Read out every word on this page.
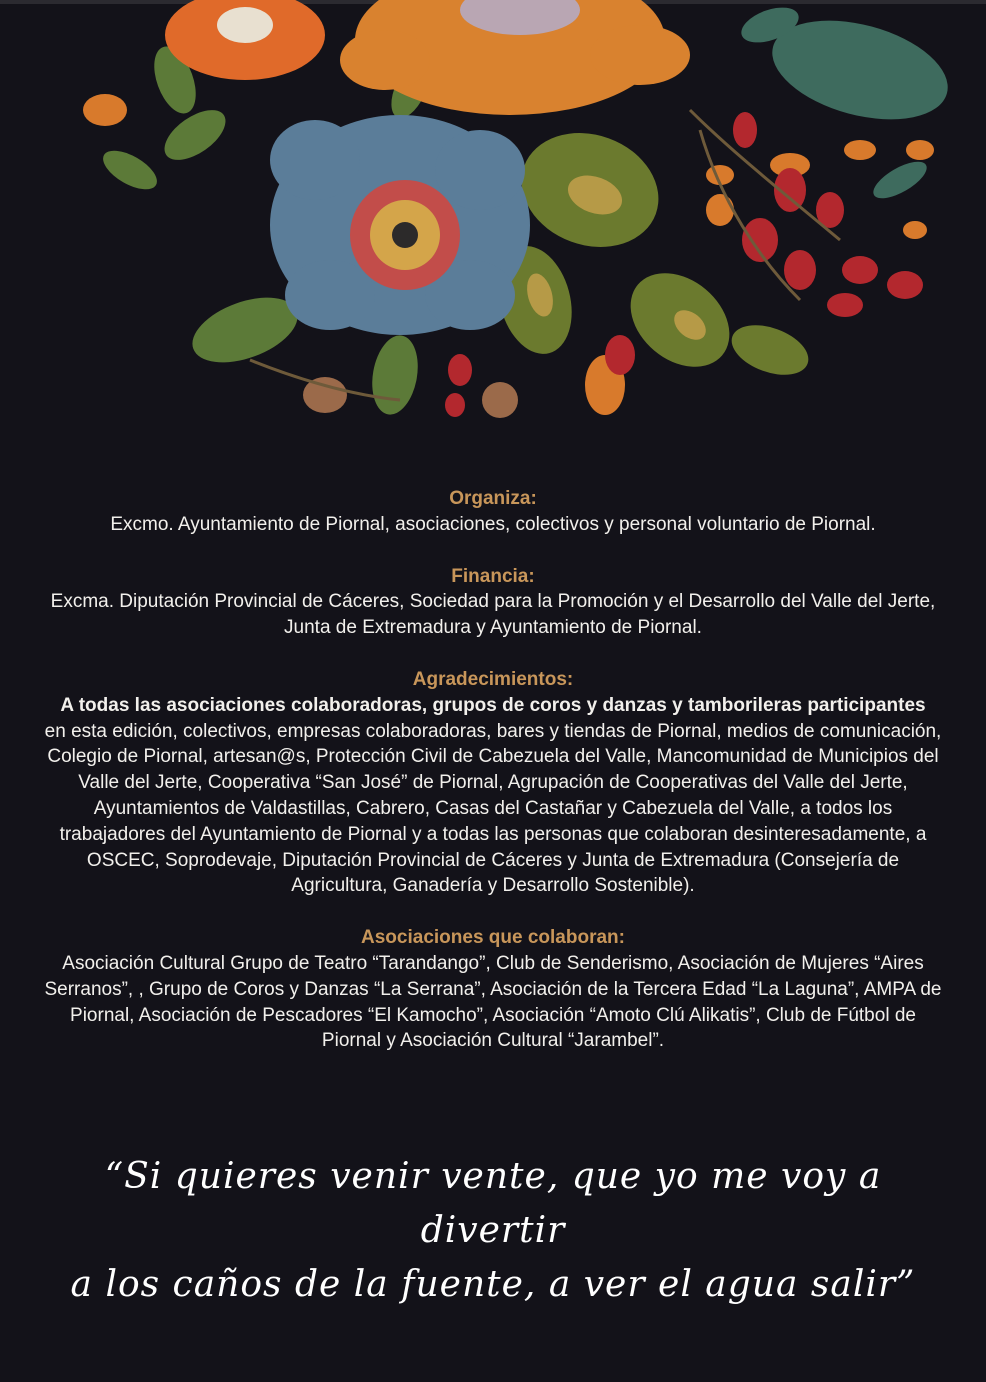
Organiza:
Excmo. Ayuntamiento de Piornal, asociaciones, colectivos y personal voluntario de Piornal.
Financia:
Excma. Diputación Provincial de Cáceres, Sociedad para la Promoción y el Desarrollo del Valle del Jerte, Junta de Extremadura y Ayuntamiento de Piornal.
Agradecimientos:
A todas las asociaciones colaboradoras, grupos de coros y danzas y tamborileras participantes
en esta edición, colectivos, empresas colaboradoras, bares y tiendas de Piornal, medios de comunicación, Colegio de Piornal, artesan@s, Protección Civil de Cabezuela del Valle, Mancomunidad de Municipios del Valle del Jerte, Cooperativa “San José” de Piornal, Agrupación de Cooperativas del Valle del Jerte, Ayuntamientos de Valdastillas, Cabrero, Casas del Castañar y Cabezuela del Valle, a todos los trabajadores del Ayuntamiento de Piornal y a todas las personas que colaboran desinteresadamente, a OSCEC, Soprodevaje, Diputación Provincial de Cáceres y Junta de Extremadura (Consejería de Agricultura, Ganadería y Desarrollo Sostenible).
Asociaciones que colaboran:
Asociación Cultural Grupo de Teatro “Tarandango”, Club de Senderismo, Asociación de Mujeres “Aires Serranos”, , Grupo de Coros y Danzas “La Serrana”, Asociación de la Tercera Edad “La Laguna”, AMPA de Piornal, Asociación de Pescadores “El Kamocho”, Asociación “Amoto Clú Alikatis”, Club de Fútbol de Piornal y Asociación Cultural “Jarambel”.
“Si quieres venir vente, que yo me voy a divertir
a los caños de la fuente, a ver el agua salir”
